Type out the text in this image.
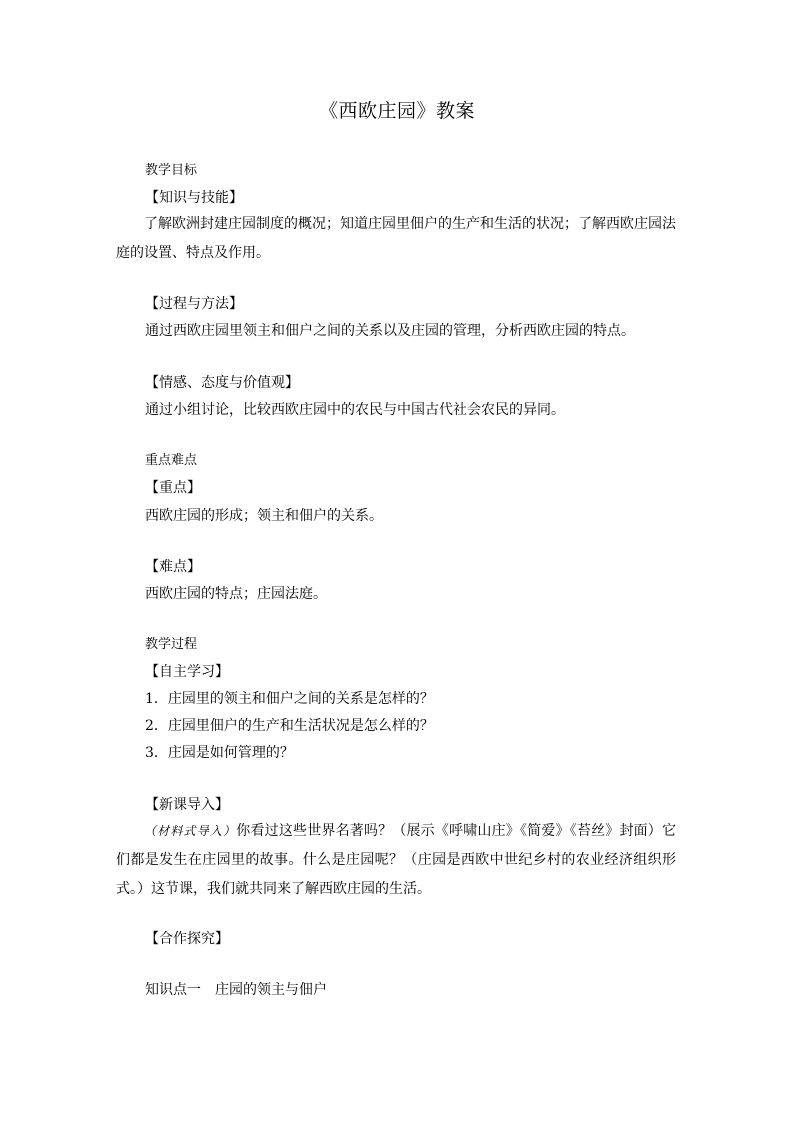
《西欧庄园》教案
教学目标
【知识与技能】
了解欧洲封建庄园制度的概况；知道庄园里佃户的生产和生活的状况；了解西欧庄园法庭的设置、特点及作用。
【过程与方法】
通过西欧庄园里领主和佃户之间的关系以及庄园的管理，分析西欧庄园的特点。
【情感、态度与价值观】
通过小组讨论，比较西欧庄园中的农民与中国古代社会农民的异同。
重点难点
【重点】
西欧庄园的形成；领主和佃户的关系。
【难点】
西欧庄园的特点；庄园法庭。
教学过程
【自主学习】
1．庄园里的领主和佃户之间的关系是怎样的？
2．庄园里佃户的生产和生活状况是怎么样的？
3．庄园是如何管理的？
【新课导入】
（材料式导入）你看过这些世界名著吗？（展示《呼啸山庄》《简爱》《苔丝》封面）它们都是发生在庄园里的故事。什么是庄园呢？（庄园是西欧中世纪乡村的农业经济组织形式。）这节课，我们就共同来了解西欧庄园的生活。
【合作探究】
知识点一　庄园的领主与佃户
